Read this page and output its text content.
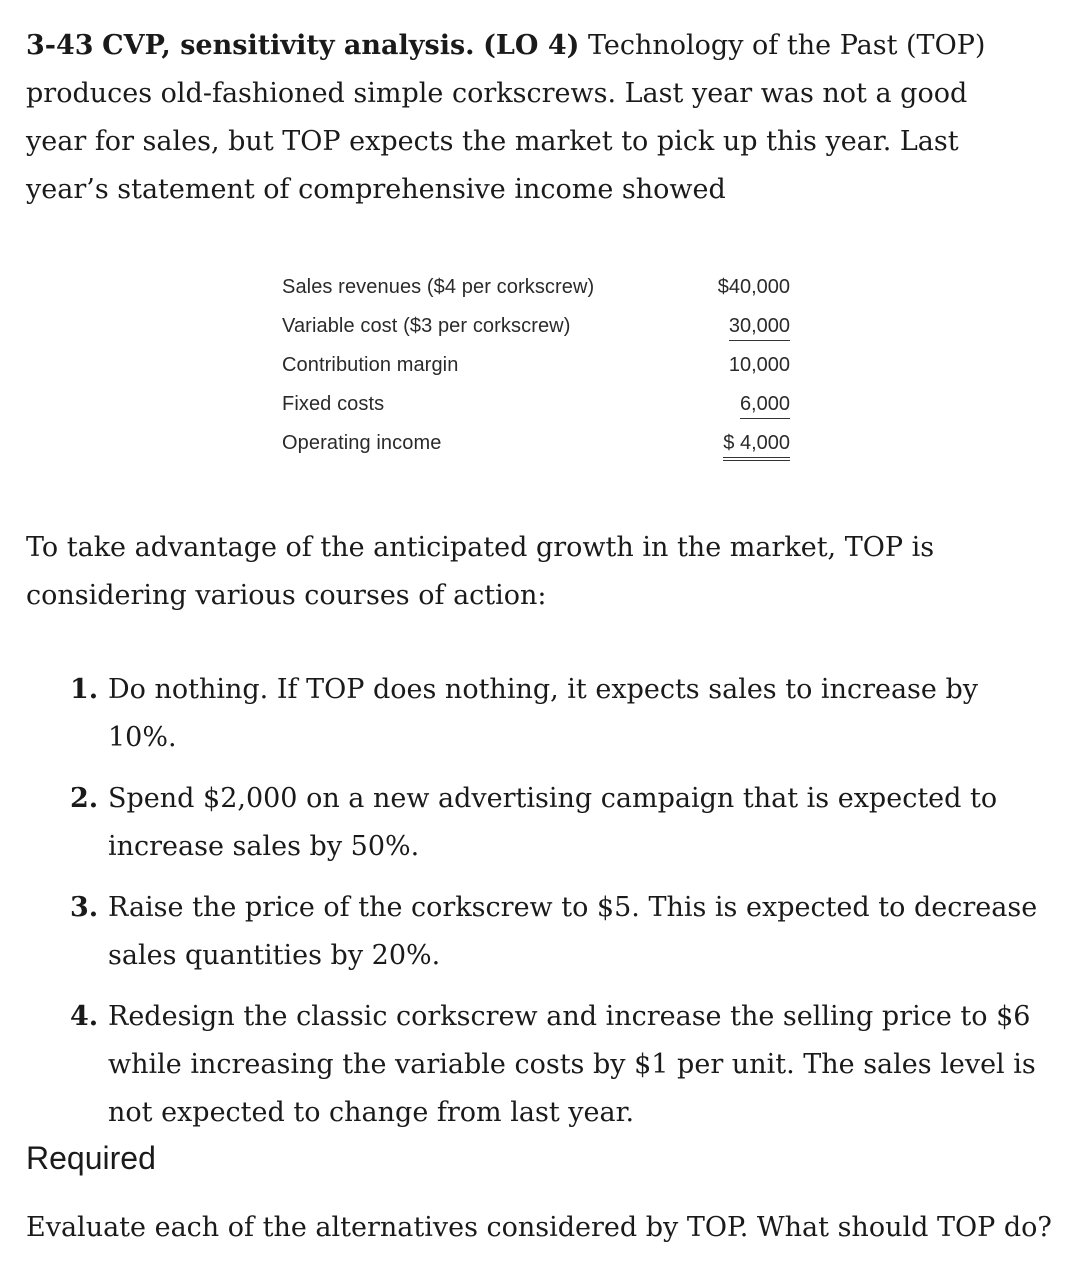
3-43 CVP, sensitivity analysis. (LO 4) Technology of the Past (TOP) produces old-fashioned simple corkscrews. Last year was not a good year for sales, but TOP expects the market to pick up this year. Last year’s statement of comprehensive income showed

Sales revenues ($4 per corkscrew)	$40,000
Variable cost ($3 per corkscrew)	30,000
Contribution margin	10,000
Fixed costs	6,000
Operating income	$ 4,000

To take advantage of the anticipated growth in the market, TOP is considering various courses of action:

1. Do nothing. If TOP does nothing, it expects sales to increase by 10%.
2. Spend $2,000 on a new advertising campaign that is expected to increase sales by 50%.
3. Raise the price of the corkscrew to $5. This is expected to decrease sales quantities by 20%.
4. Redesign the classic corkscrew and increase the selling price to $6 while increasing the variable costs by $1 per unit. The sales level is not expected to change from last year.
Required

Evaluate each of the alternatives considered by TOP. What should TOP do?
